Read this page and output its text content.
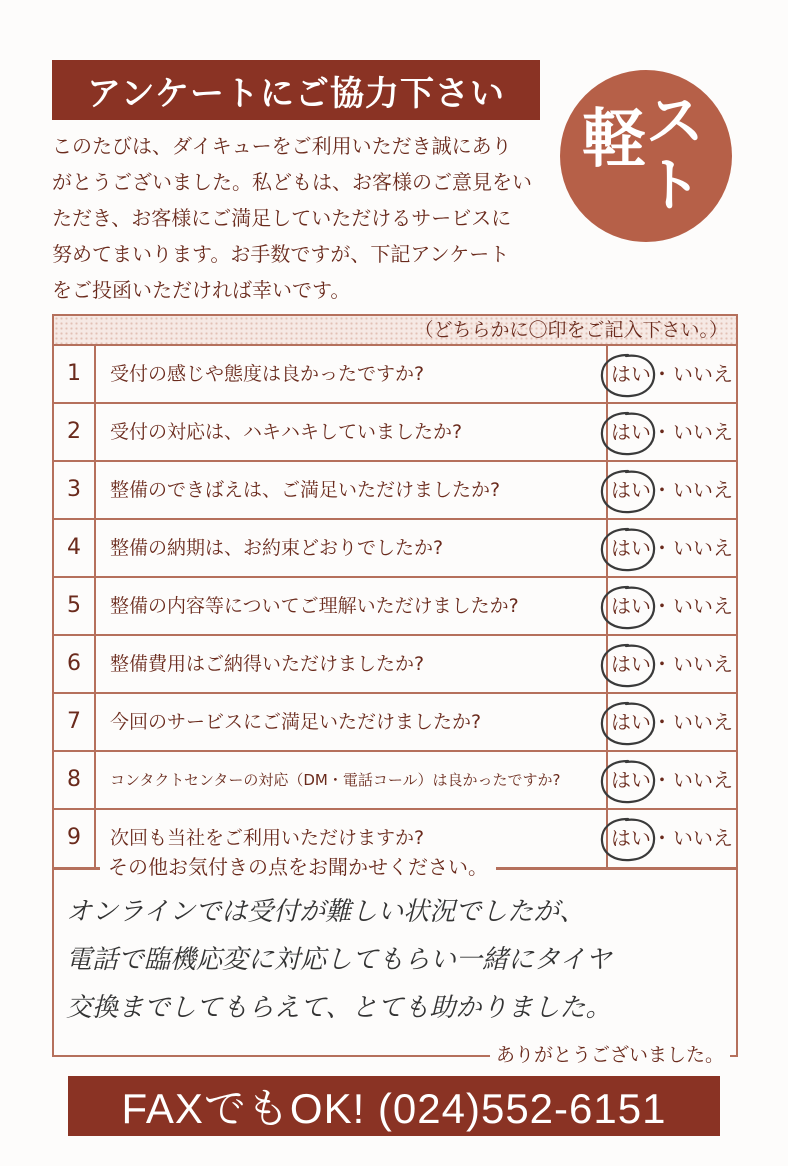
アンケートにご協力下さい
軽 ス
ト
このたびは、ダイキューをご利用いただき誠にあり
がとうございました。私どもは、お客様のご意見をい
ただき、お客様にご満足していただけるサービスに
努めてまいります。お手数ですが、下記アンケート
をご投函いただければ幸いです。
（どちらかに〇印をご記入下さい。）
1	受付の感じや態度は良かったですか?	はい・いいえ
2	受付の対応は、ハキハキしていましたか?	はい・いいえ
3	整備のできばえは、ご満足いただけましたか?	はい・いいえ
4	整備の納期は、お約束どおりでしたか?	はい・いいえ
5	整備の内容等についてご理解いただけましたか?	はい・いいえ
6	整備費用はご納得いただけましたか?	はい・いいえ
7	今回のサービスにご満足いただけましたか?	はい・いいえ
8	コンタクトセンターの対応（DM・電話コール）は良かったですか?	はい・いいえ
9	次回も当社をご利用いただけますか?	はい・いいえ
その他お気付きの点をお聞かせください。
オンラインでは受付が難しい状況でしたが、
電話で臨機応変に対応してもらい一緒にタイヤ
交換までしてもらえて、とても助かりました。
ありがとうございました。
FAXでもOK! (024)552-6151
